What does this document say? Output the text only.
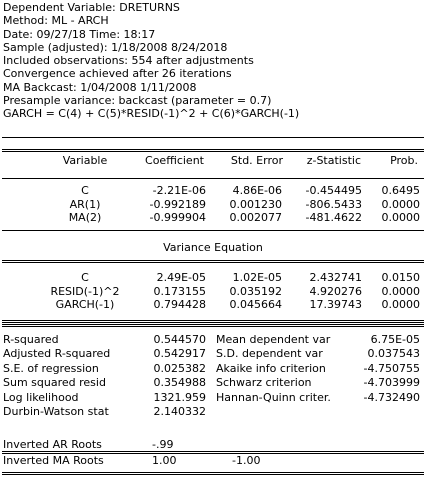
Dependent Variable: DRETURNS
Method: ML - ARCH
Date: 09/27/18 Time: 18:17
Sample (adjusted): 1/18/2008 8/24/2018
Included observations: 554 after adjustments
Convergence achieved after 26 iterations
MA Backcast: 1/04/2008 1/11/2008
Presample variance: backcast (parameter = 0.7)
GARCH = C(4) + C(5)*RESID(-1)^2 + C(6)*GARCH(-1)
Variable	Coefficient	Std. Error	z-Statistic	Prob.
C	-2.21E-06	4.86E-06	-0.454495	0.6495
AR(1)	-0.992189	0.001230	-806.5433	0.0000
MA(2)	-0.999904	0.002077	-481.4622	0.0000
Variance Equation
C	2.49E-05	1.02E-05	2.432741	0.0150
RESID(-1)^2	0.173155	0.035192	4.920276	0.0000
GARCH(-1)	0.794428	0.045664	17.39743	0.0000
R-squared	0.544570 Mean dependent var	6.75E-05
Adjusted R-squared	0.542917 S.D. dependent var	0.037543
S.E. of regression	0.025382 Akaike info criterion	-4.750755
Sum squared resid	0.354988 Schwarz criterion	-4.703999
Log likelihood	1321.959 Hannan-Quinn criter.	-4.732490
Durbin-Watson stat	2.140332
Inverted AR Roots	-.99
Inverted MA Roots	1.00	-1.00
